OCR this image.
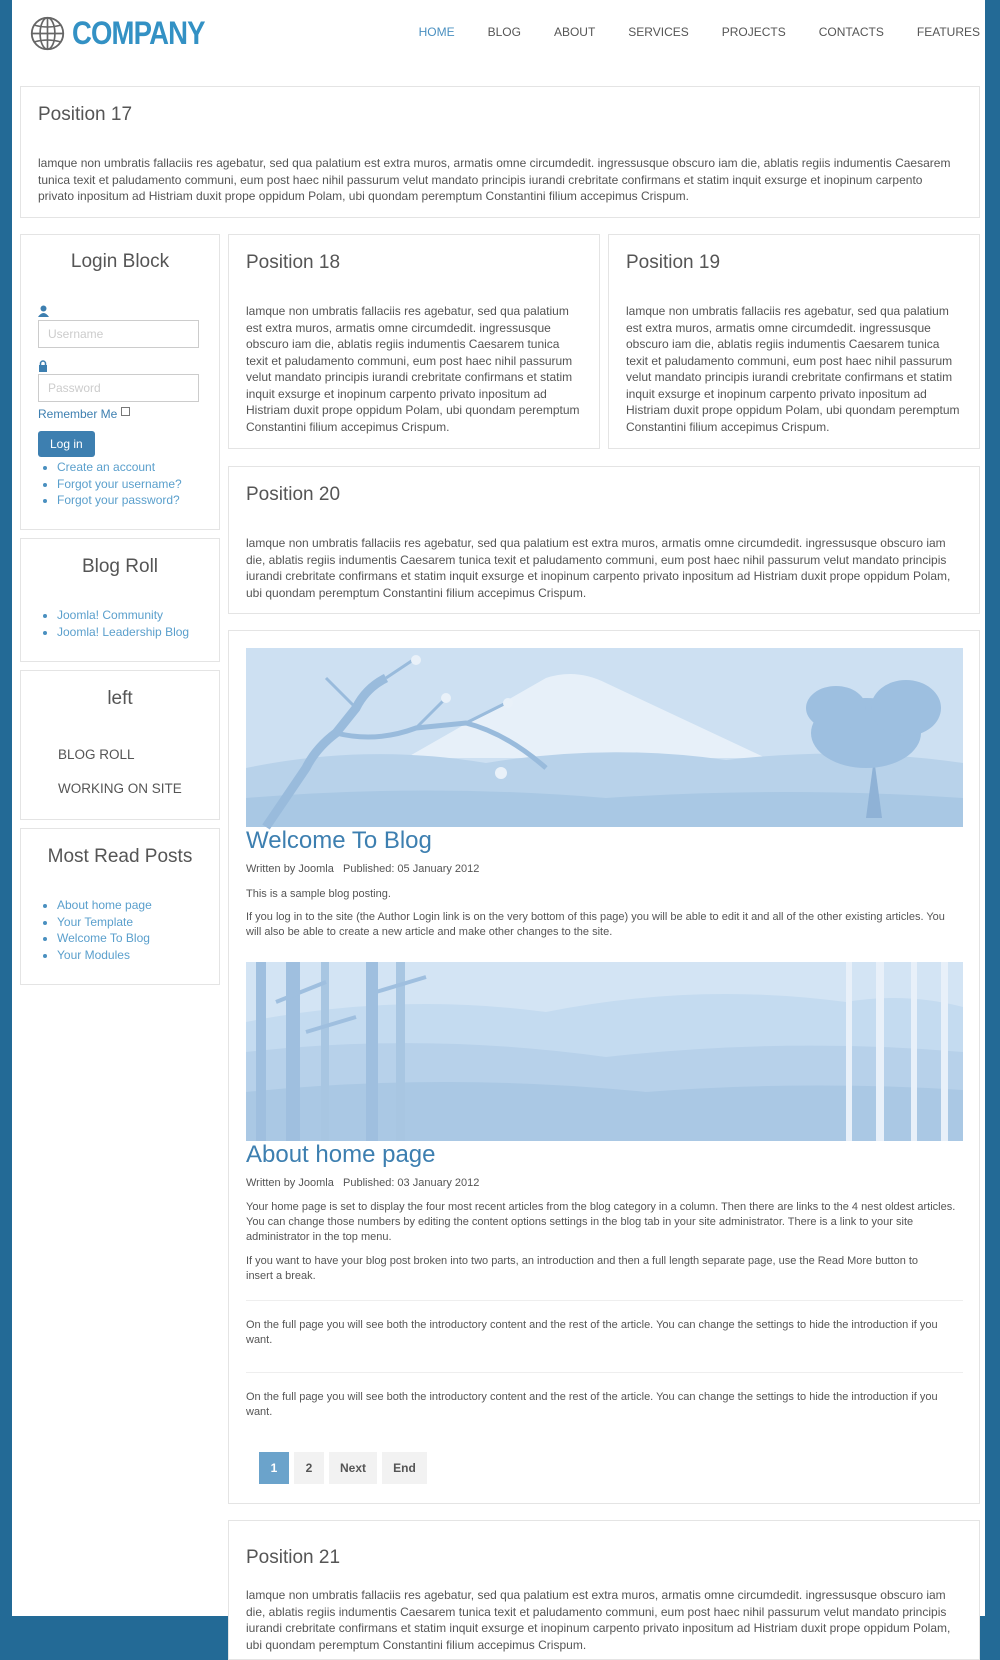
COMPANY	HOME	BLOG	ABOUT	SERVICES	PROJECTS	CONTACTS	FEATURES
Position 17

lamque non umbratis fallaciis res agebatur, sed qua palatium est extra muros, armatis omne circumdedit. ingressusque obscuro iam die, ablatis regiis indumentis Caesarem tunica texit et paludamento communi, eum post haec nihil passurum velut mandato principis iurandi crebritate confirmans et statim inquit exsurge et inopinum carpento privato inpositum ad Histriam duxit prope oppidum Polam, ubi quondam peremptum Constantini filium accepimus Crispum.

Login Block
Username
Password
Remember Me
Log in
• Create an account
• Forgot your username?
• Forgot your password?
Blog Roll
• Joomla! Community
• Joomla! Leadership Blog
left
BLOG ROLL
WORKING ON SITE
Most Read Posts
• About home page
• Your Template
• Welcome To Blog
• Your Modules
Position 18

lamque non umbratis fallaciis res agebatur, sed qua palatium est extra muros, armatis omne circumdedit. ingressusque obscuro iam die, ablatis regiis indumentis Caesarem tunica texit et paludamento communi, eum post haec nihil passurum velut mandato principis iurandi crebritate confirmans et statim inquit exsurge et inopinum carpento privato inpositum ad Histriam duxit prope oppidum Polam, ubi quondam peremptum Constantini filium accepimus Crispum.

Position 19

lamque non umbratis fallaciis res agebatur, sed qua palatium est extra muros, armatis omne circumdedit. ingressusque obscuro iam die, ablatis regiis indumentis Caesarem tunica texit et paludamento communi, eum post haec nihil passurum velut mandato principis iurandi crebritate confirmans et statim inquit exsurge et inopinum carpento privato inpositum ad Histriam duxit prope oppidum Polam, ubi quondam peremptum Constantini filium accepimus Crispum.

Position 20

lamque non umbratis fallaciis res agebatur, sed qua palatium est extra muros, armatis omne circumdedit. ingressusque obscuro iam die, ablatis regiis indumentis Caesarem tunica texit et paludamento communi, eum post haec nihil passurum velut mandato principis iurandi crebritate confirmans et statim inquit exsurge et inopinum carpento privato inpositum ad Histriam duxit prope oppidum Polam, ubi quondam peremptum Constantini filium accepimus Crispum.

Welcome To Blog
Written by Joomla Published: 05 January 2012

This is a sample blog posting.

If you log in to the site (the Author Login link is on the very bottom of this page) you will be able to edit it and all of the other existing articles. You will also be able to create a new article and make other changes to the site.

About home page
Written by Joomla Published: 03 January 2012

Your home page is set to display the four most recent articles from the blog category in a column. Then there are links to the 4 nest oldest articles. You can change those numbers by editing the content options settings in the blog tab in your site administrator. There is a link to your site administrator in the top menu.

If you want to have your blog post broken into two parts, an introduction and then a full length separate page, use the Read More button to insert a break.

On the full page you will see both the introductory content and the rest of the article. You can change the settings to hide the introduction if you want.

On the full page you will see both the introductory content and the rest of the article. You can change the settings to hide the introduction if you want.

1	2	Next	End
Position 21

lamque non umbratis fallaciis res agebatur, sed qua palatium est extra muros, armatis omne circumdedit. ingressusque obscuro iam die, ablatis regiis indumentis Caesarem tunica texit et paludamento communi, eum post haec nihil passurum velut mandato principis iurandi crebritate confirmans et statim inquit exsurge et inopinum carpento privato inpositum ad Histriam duxit prope oppidum Polam, ubi quondam peremptum Constantini filium accepimus Crispum.
